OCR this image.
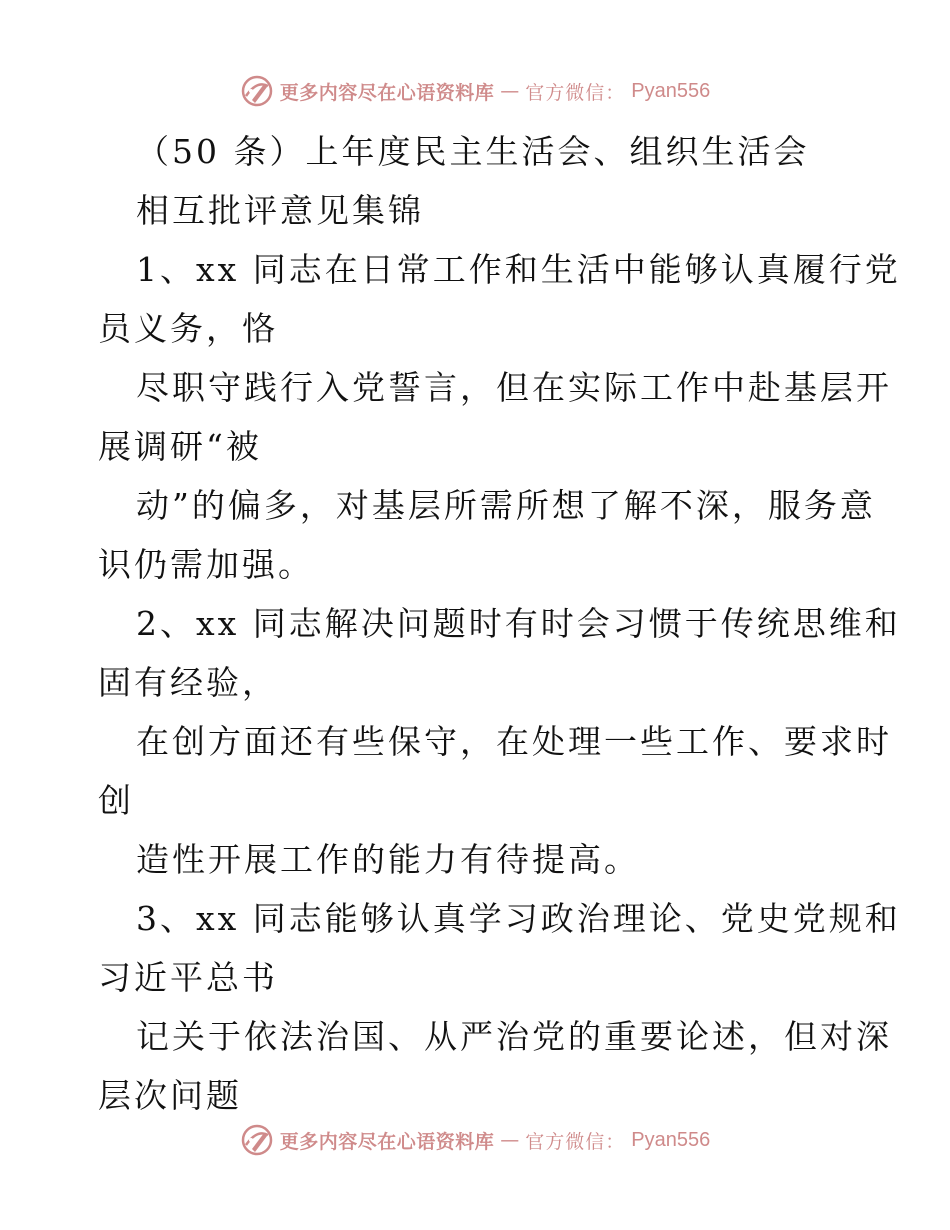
更多内容尽在心语资料库 — 官方微信： Pyan556
（50 条）上年度民主生活会、组织生活会
相互批评意见集锦
1、xx 同志在日常工作和生活中能够认真履行党
员义务，恪
尽职守践行入党誓言，但在实际工作中赴基层开
展调研“被
动”的偏多，对基层所需所想了解不深，服务意
识仍需加强。
2、xx 同志解决问题时有时会习惯于传统思维和
固有经验，
在创方面还有些保守，在处理一些工作、要求时
创
造性开展工作的能力有待提高。
3、xx 同志能够认真学习政治理论、党史党规和
习近平总书
记关于依法治国、从严治党的重要论述，但对深
层次问题
更多内容尽在心语资料库 — 官方微信： Pyan556
